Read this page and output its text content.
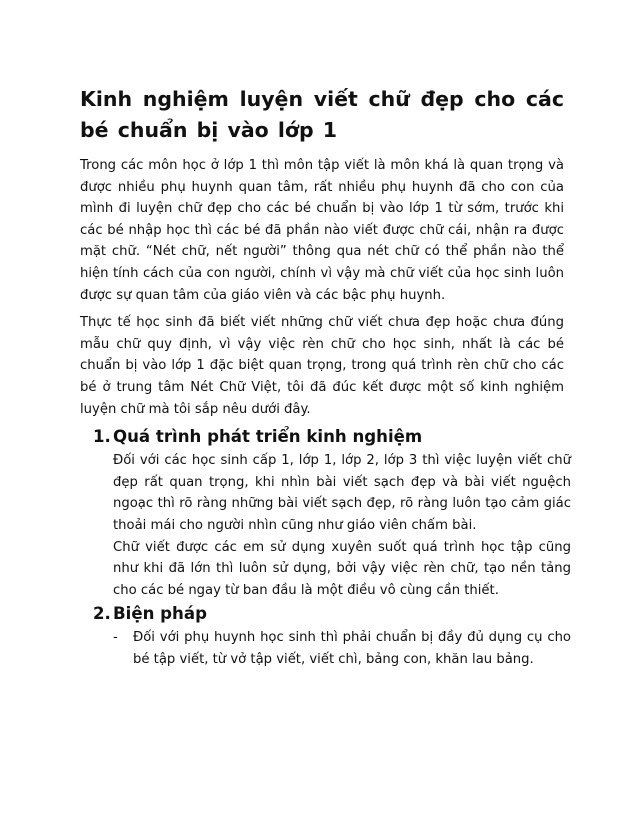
Kinh nghiệm luyện viết chữ đẹp cho các bé chuẩn bị vào lớp 1

Trong các môn học ở lớp 1 thì môn tập viết là môn khá là quan trọng và được nhiều phụ huynh quan tâm, rất nhiều phụ huynh đã cho con của mình đi luyện chữ đẹp cho các bé chuẩn bị vào lớp 1 từ sớm, trước khi các bé nhập học thì các bé đã phần nào viết được chữ cái, nhận ra được mặt chữ. “Nét chữ, nết người” thông qua nét chữ có thể phần nào thể hiện tính cách của con người, chính vì vậy mà chữ viết của học sinh luôn được sự quan tâm của giáo viên và các bậc phụ huynh.

Thực tế học sinh đã biết viết những chữ viết chưa đẹp hoặc chưa đúng mẫu chữ quy định, vì vậy việc rèn chữ cho học sinh, nhất là các bé chuẩn bị vào lớp 1 đặc biệt quan trọng, trong quá trình rèn chữ cho các bé ở trung tâm Nét Chữ Việt, tôi đã đúc kết được một số kinh nghiệm luyện chữ mà tôi sắp nêu dưới đây.

1. Quá trình phát triển kinh nghiệm

Đối với các học sinh cấp 1, lớp 1, lớp 2, lớp 3 thì việc luyện viết chữ đẹp rất quan trọng, khi nhìn bài viết sạch đẹp và bài viết nguệch ngoạc thì rõ ràng những bài viết sạch đẹp, rõ ràng luôn tạo cảm giác thoải mái cho người nhìn cũng như giáo viên chấm bài.

Chữ viết được các em sử dụng xuyên suốt quá trình học tập cũng như khi đã lớn thì luôn sử dụng, bởi vậy việc rèn chữ, tạo nền tảng cho các bé ngay từ ban đầu là một điều vô cùng cần thiết.

2. Biện pháp
-	Đối với phụ huynh học sinh thì phải chuẩn bị đầy đủ dụng cụ cho bé tập viết, từ vở tập viết, viết chì, bảng con, khăn lau bảng.
